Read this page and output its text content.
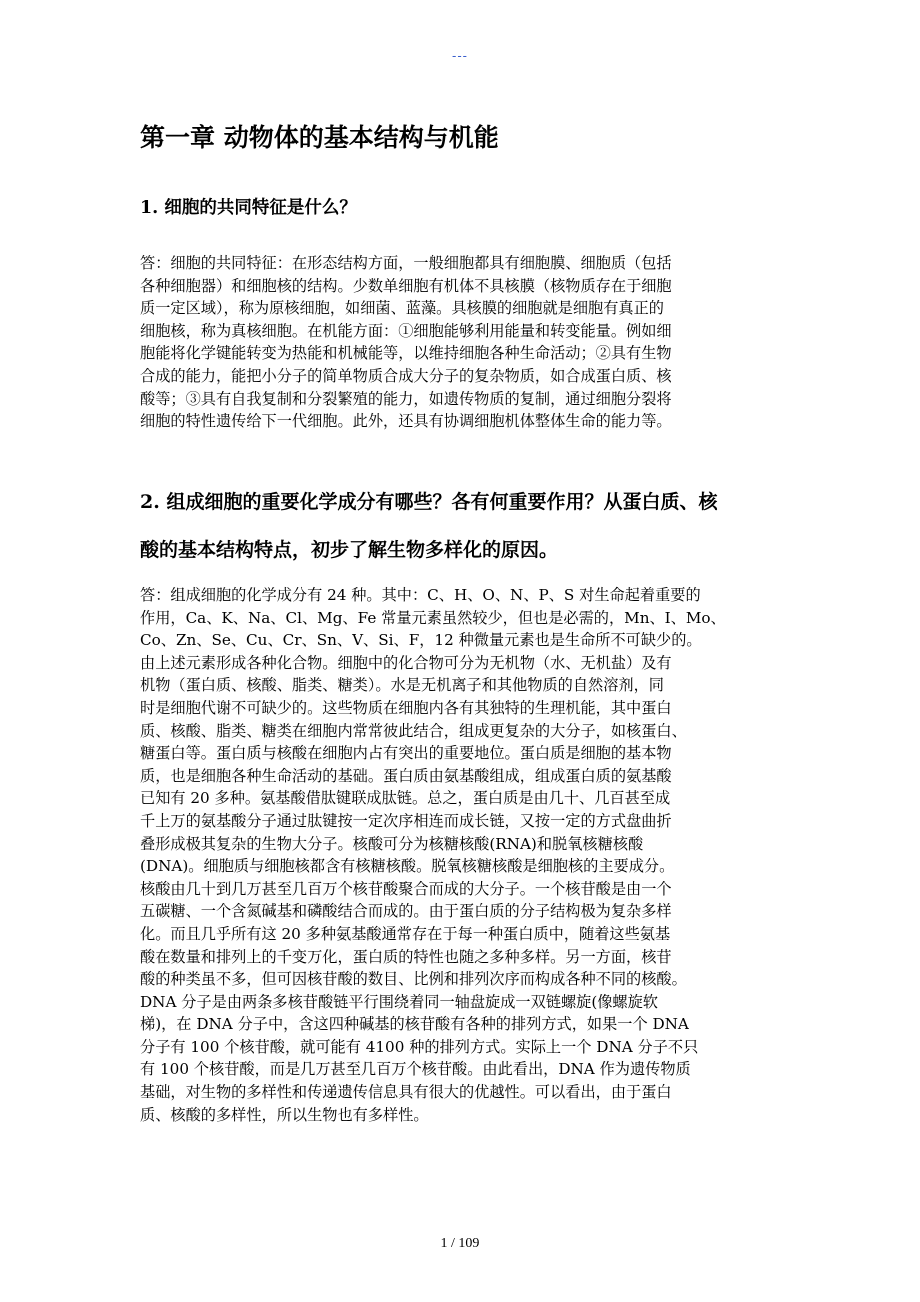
---
第一章 动物体的基本结构与机能
1. 细胞的共同特征是什么？
答：细胞的共同特征：在形态结构方面，一般细胞都具有细胞膜、细胞质（包括
各种细胞器）和细胞核的结构。少数单细胞有机体不具核膜（核物质存在于细胞
质一定区域），称为原核细胞，如细菌、蓝藻。具核膜的细胞就是细胞有真正的
细胞核，称为真核细胞。在机能方面：①细胞能够利用能量和转变能量。例如细
胞能将化学键能转变为热能和机械能等，以维持细胞各种生命活动；②具有生物
合成的能力，能把小分子的简单物质合成大分子的复杂物质，如合成蛋白质、核
酸等；③具有自我复制和分裂繁殖的能力，如遗传物质的复制，通过细胞分裂将
细胞的特性遗传给下一代细胞。此外，还具有协调细胞机体整体生命的能力等。
2. 组成细胞的重要化学成分有哪些？各有何重要作用？从蛋白质、核
酸的基本结构特点，初步了解生物多样化的原因。
答：组成细胞的化学成分有 24 种。其中：C、H、O、N、P、S 对生命起着重要的
作用，Ca、K、Na、Cl、Mg、Fe 常量元素虽然较少，但也是必需的，Mn、I、Mo、
Co、Zn、Se、Cu、Cr、Sn、V、Si、F，12 种微量元素也是生命所不可缺少的。
由上述元素形成各种化合物。细胞中的化合物可分为无机物（水、无机盐）及有
机物（蛋白质、核酸、脂类、糖类）。水是无机离子和其他物质的自然溶剂，同
时是细胞代谢不可缺少的。这些物质在细胞内各有其独特的生理机能，其中蛋白
质、核酸、脂类、糖类在细胞内常常彼此结合，组成更复杂的大分子，如核蛋白、
糖蛋白等。蛋白质与核酸在细胞内占有突出的重要地位。蛋白质是细胞的基本物
质，也是细胞各种生命活动的基础。蛋白质由氨基酸组成，组成蛋白质的氨基酸
已知有 20 多种。氨基酸借肽键联成肽链。总之，蛋白质是由几十、几百甚至成
千上万的氨基酸分子通过肽键按一定次序相连而成长链，又按一定的方式盘曲折
叠形成极其复杂的生物大分子。核酸可分为核糖核酸(RNA)和脱氧核糖核酸
(DNA)。细胞质与细胞核都含有核糖核酸。脱氧核糖核酸是细胞核的主要成分。
核酸由几十到几万甚至几百万个核苷酸聚合而成的大分子。一个核苷酸是由一个
五碳糖、一个含氮碱基和磷酸结合而成的。由于蛋白质的分子结构极为复杂多样
化。而且几乎所有这 20 多种氨基酸通常存在于每一种蛋白质中，随着这些氨基
酸在数量和排列上的千变万化，蛋白质的特性也随之多种多样。另一方面，核苷
酸的种类虽不多，但可因核苷酸的数目、比例和排列次序而构成各种不同的核酸。
DNA 分子是由两条多核苷酸链平行围绕着同一轴盘旋成一双链螺旋(像螺旋软
梯)，在 DNA 分子中，含这四种碱基的核苷酸有各种的排列方式，如果一个 DNA
分子有 100 个核苷酸，就可能有 4100 种的排列方式。实际上一个 DNA 分子不只
有 100 个核苷酸，而是几万甚至几百万个核苷酸。由此看出，DNA 作为遗传物质
基础，对生物的多样性和传递遗传信息具有很大的优越性。可以看出，由于蛋白
质、核酸的多样性，所以生物也有多样性。
1 / 109
